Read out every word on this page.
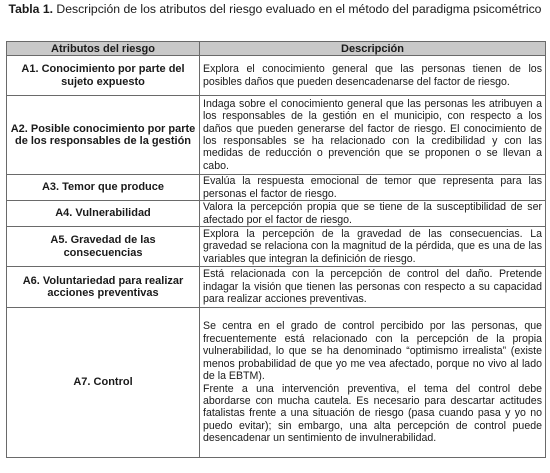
Tabla 1. Descripción de los atributos del riesgo evaluado en el método del paradigma psicométrico
Atributos del riesgo	Descripción
A1. Conocimiento por parte del sujeto expuesto	Explora el conocimiento general que las personas tienen de los posibles daños que pueden desencadenarse del factor de riesgo.

A2. Posible conocimiento por parte de los responsables de la gestión	Indaga sobre el conocimiento general que las personas les atribuyen a los responsables de la gestión en el municipio, con respecto a los daños que pueden generarse del factor de riesgo. El conocimiento de los responsables se ha relacionado con la credibilidad y con las medidas de reducción o prevención que se proponen o se llevan a cabo.

A3. Temor que produce	Evalúa la respuesta emocional de temor que representa para las personas el factor de riesgo.

A4. Vulnerabilidad	Valora la percepción propia que se tiene de la susceptibilidad de ser afectado por el factor de riesgo.

A5. Gravedad de las consecuencias	Explora la percepción de la gravedad de las consecuencias. La gravedad se relaciona con la magnitud de la pérdida, que es una de las variables que integran la definición de riesgo.

A6. Voluntariedad para realizar acciones preventivas	Está relacionada con la percepción de control del daño. Pretende indagar la visión que tienen las personas con respecto a su capacidad para realizar acciones preventivas.

A7. Control	Se centra en el grado de control percibido por las personas, que frecuentemente está relacionado con la percepción de la propia vulnerabilidad, lo que se ha denominado “optimismo irrealista” (existe menos probabilidad de que yo me vea afectado, porque no vivo al lado de la EBTM).
Frente a una intervención preventiva, el tema del control debe abordarse con mucha cautela. Es necesario para descartar actitudes fatalistas frente a una situación de riesgo (pasa cuando pasa y yo no puedo evitar); sin embargo, una alta percepción de control puede desencadenar un sentimiento de invulnerabilidad.
